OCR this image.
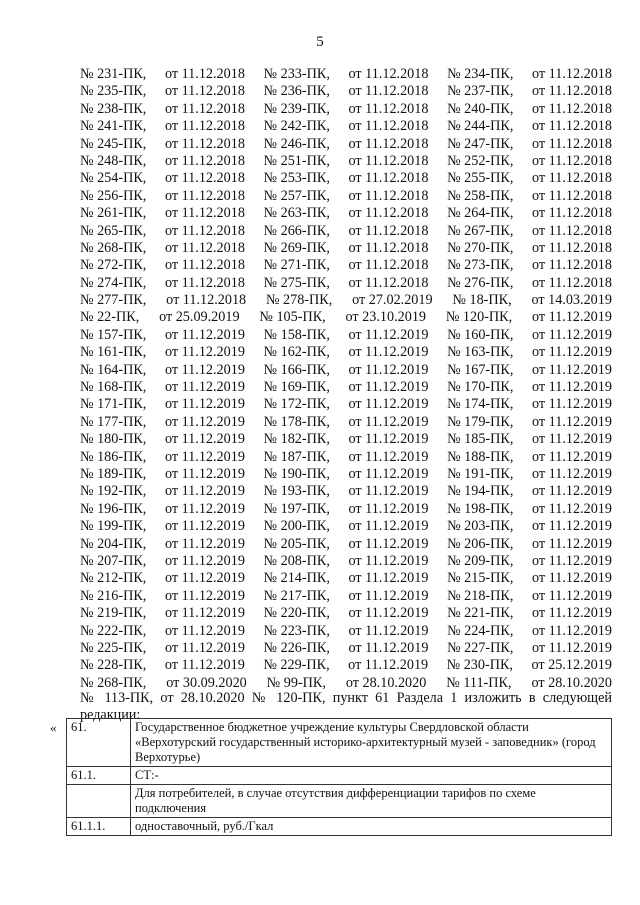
5
№ 231-ПК, от 11.12.2018 № 233-ПК, от 11.12.2018 № 234-ПК, от 11.12.2018
№ 235-ПК, от 11.12.2018 № 236-ПК, от 11.12.2018 № 237-ПК, от 11.12.2018
№ 238-ПК, от 11.12.2018 № 239-ПК, от 11.12.2018 № 240-ПК, от 11.12.2018
№ 241-ПК, от 11.12.2018 № 242-ПК, от 11.12.2018 № 244-ПК, от 11.12.2018
№ 245-ПК, от 11.12.2018 № 246-ПК, от 11.12.2018 № 247-ПК, от 11.12.2018
№ 248-ПК, от 11.12.2018 № 251-ПК, от 11.12.2018 № 252-ПК, от 11.12.2018
№ 254-ПК, от 11.12.2018 № 253-ПК, от 11.12.2018 № 255-ПК, от 11.12.2018
№ 256-ПК, от 11.12.2018 № 257-ПК, от 11.12.2018 № 258-ПК, от 11.12.2018
№ 261-ПК, от 11.12.2018 № 263-ПК, от 11.12.2018 № 264-ПК, от 11.12.2018
№ 265-ПК, от 11.12.2018 № 266-ПК, от 11.12.2018 № 267-ПК, от 11.12.2018
№ 268-ПК, от 11.12.2018 № 269-ПК, от 11.12.2018 № 270-ПК, от 11.12.2018
№ 272-ПК, от 11.12.2018 № 271-ПК, от 11.12.2018 № 273-ПК, от 11.12.2018
№ 274-ПК, от 11.12.2018 № 275-ПК, от 11.12.2018 № 276-ПК, от 11.12.2018
№ 277-ПК, от 11.12.2018 № 278-ПК, от 27.02.2019 № 18-ПК, от 14.03.2019
№ 22-ПК, от 25.09.2019 № 105-ПК, от 23.10.2019 № 120-ПК, от 11.12.2019
№ 157-ПК, от 11.12.2019 № 158-ПК, от 11.12.2019 № 160-ПК, от 11.12.2019
№ 161-ПК, от 11.12.2019 № 162-ПК, от 11.12.2019 № 163-ПК, от 11.12.2019
№ 164-ПК, от 11.12.2019 № 166-ПК, от 11.12.2019 № 167-ПК, от 11.12.2019
№ 168-ПК, от 11.12.2019 № 169-ПК, от 11.12.2019 № 170-ПК, от 11.12.2019
№ 171-ПК, от 11.12.2019 № 172-ПК, от 11.12.2019 № 174-ПК, от 11.12.2019
№ 177-ПК, от 11.12.2019 № 178-ПК, от 11.12.2019 № 179-ПК, от 11.12.2019
№ 180-ПК, от 11.12.2019 № 182-ПК, от 11.12.2019 № 185-ПК, от 11.12.2019
№ 186-ПК, от 11.12.2019 № 187-ПК, от 11.12.2019 № 188-ПК, от 11.12.2019
№ 189-ПК, от 11.12.2019 № 190-ПК, от 11.12.2019 № 191-ПК, от 11.12.2019
№ 192-ПК, от 11.12.2019 № 193-ПК, от 11.12.2019 № 194-ПК, от 11.12.2019
№ 196-ПК, от 11.12.2019 № 197-ПК, от 11.12.2019 № 198-ПК, от 11.12.2019
№ 199-ПК, от 11.12.2019 № 200-ПК, от 11.12.2019 № 203-ПК, от 11.12.2019
№ 204-ПК, от 11.12.2019 № 205-ПК, от 11.12.2019 № 206-ПК, от 11.12.2019
№ 207-ПК, от 11.12.2019 № 208-ПК, от 11.12.2019 № 209-ПК, от 11.12.2019
№ 212-ПК, от 11.12.2019 № 214-ПК, от 11.12.2019 № 215-ПК, от 11.12.2019
№ 216-ПК, от 11.12.2019 № 217-ПК, от 11.12.2019 № 218-ПК, от 11.12.2019
№ 219-ПК, от 11.12.2019 № 220-ПК, от 11.12.2019 № 221-ПК, от 11.12.2019
№ 222-ПК, от 11.12.2019 № 223-ПК, от 11.12.2019 № 224-ПК, от 11.12.2019
№ 225-ПК, от 11.12.2019 № 226-ПК, от 11.12.2019 № 227-ПК, от 11.12.2019
№ 228-ПК, от 11.12.2019 № 229-ПК, от 11.12.2019 № 230-ПК, от 25.12.2019
№ 268-ПК, от 30.09.2020 № 99-ПК, от 28.10.2020 № 111-ПК, от 28.10.2020
№ 113-ПК, от 28.10.2020 № 120-ПК, пункт 61 Раздела 1 изложить в следующей
редакции:
« 61.	Государственное бюджетное учреждение культуры Свердловской области «Верхотурский государственный историко-архитектурный музей - заповедник» (город Верхотурье)
61.1.	СТ:-
	Для потребителей, в случае отсутствия дифференциации тарифов по схеме подключения
61.1.1.	одноставочный, руб./Гкал
